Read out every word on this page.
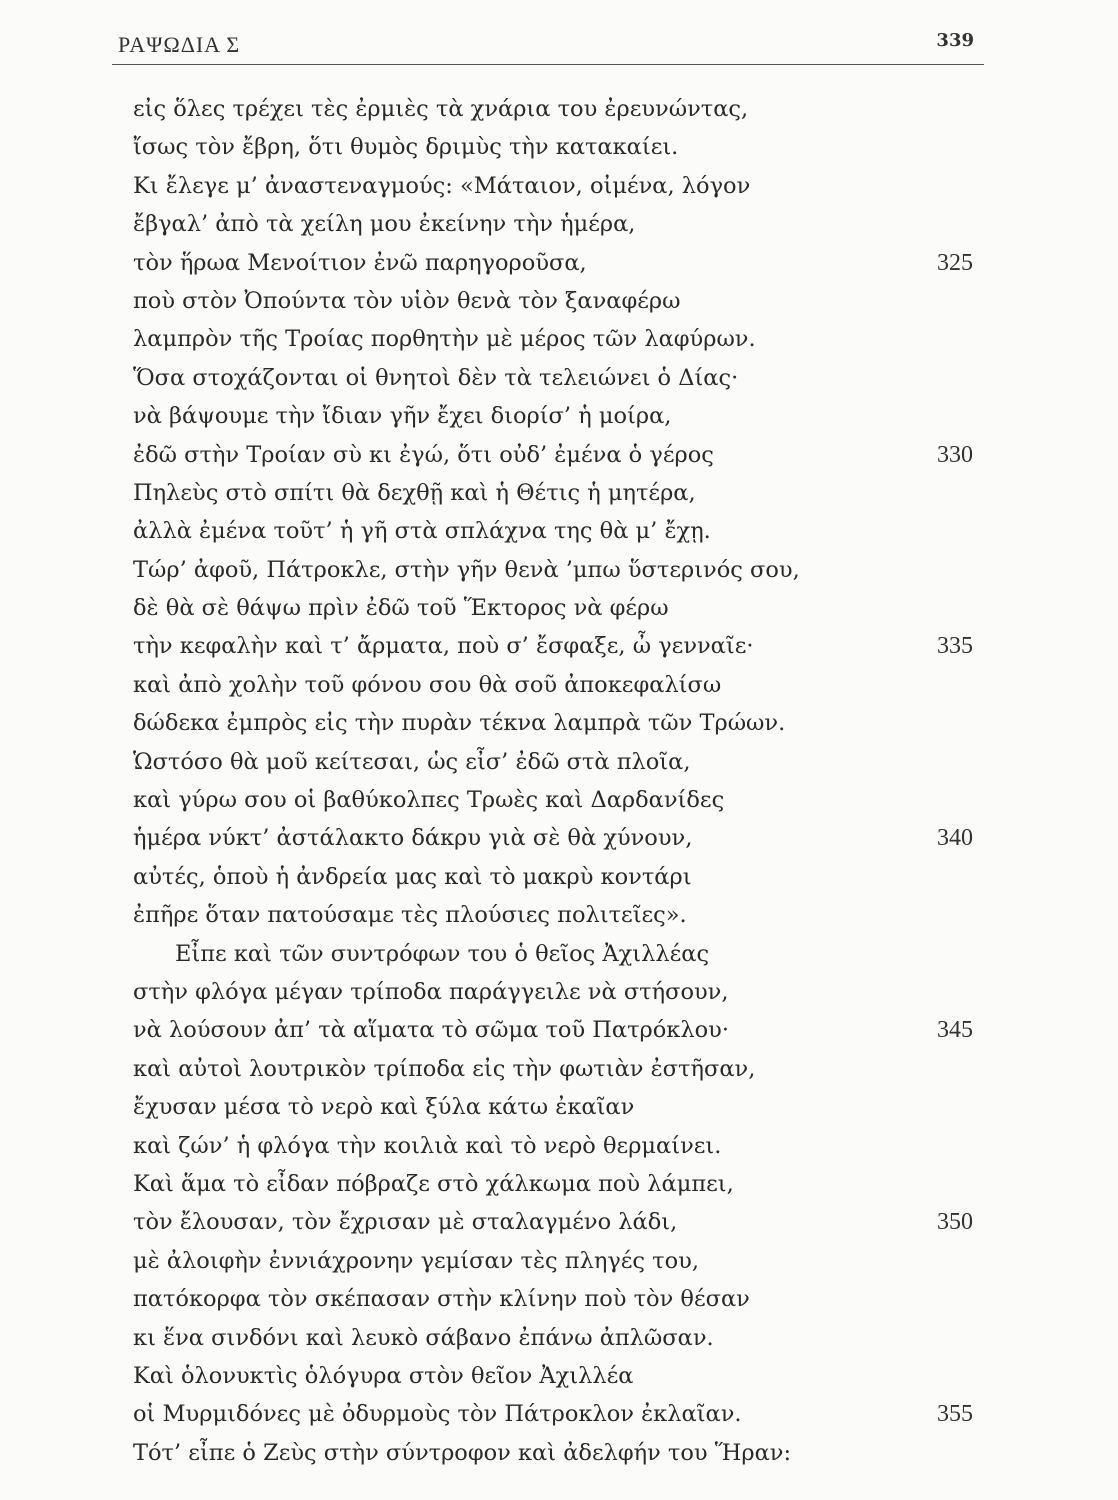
ΡΑΨΩΔΙΑ Σ	339
εἰς ὅλες τρέχει τὲς ἐρμιὲς τὰ χνάρια του ἐρευνώντας,
ἴσως τὸν ἔβρη, ὅτι θυμὸς δριμὺς τὴν κατακαίει.
Κι ἔλεγε μ’ ἀναστεναγμούς: «Μάταιον, οἰμένα, λόγον
ἔβγαλ’ ἀπὸ τὰ χείλη μου ἐκείνην τὴν ἡμέρα,
τὸν ἥρωα Μενοίτιον ἐνῶ παρηγοροῦσα,	325
ποὺ στὸν Ὀπούντα τὸν υἱὸν θενὰ τὸν ξαναφέρω
λαμπρὸν τῆς Τροίας πορθητὴν μὲ μέρος τῶν λαφύρων.
Ὅσα στοχάζονται οἱ θνητοὶ δὲν τὰ τελειώνει ὁ Δίας·
νὰ βάψουμε τὴν ἴδιαν γῆν ἔχει διορίσ’ ἡ μοίρα,
ἐδῶ στὴν Τροίαν σὺ κι ἐγώ, ὅτι οὐδ’ ἐμένα ὁ γέρος	330
Πηλεὺς στὸ σπίτι θὰ δεχθῇ καὶ ἡ Θέτις ἡ μητέρα,
ἀλλὰ ἐμένα τοῦτ’ ἡ γῆ στὰ σπλάχνα της θὰ μ’ ἔχῃ.
Τώρ’ ἀφοῦ, Πάτροκλε, στὴν γῆν θενὰ ’μπω ὕστερινός σου,
δὲ θὰ σὲ θάψω πρὶν ἐδῶ τοῦ Ἕκτορος νὰ φέρω
τὴν κεφαλὴν καὶ τ’ ἄρματα, ποὺ σ’ ἔσφαξε, ὦ γενναῖε·	335
καὶ ἀπὸ χολὴν τοῦ φόνου σου θὰ σοῦ ἀποκεφαλίσω
δώδεκα ἐμπρὸς εἰς τὴν πυρὰν τέκνα λαμπρὰ τῶν Τρώων.
Ὡστόσο θὰ μοῦ κείτεσαι, ὡς εἶσ’ ἐδῶ στὰ πλοῖα,
καὶ γύρω σου οἱ βαθύκολπες Τρωὲς καὶ Δαρδανίδες
ἡμέρα νύκτ’ ἀστάλακτο δάκρυ γιὰ σὲ θὰ χύνουν,	340
αὐτές, ὁποὺ ἡ ἀνδρεία μας καὶ τὸ μακρὺ κοντάρι
ἐπῆρε ὅταν πατούσαμε τὲς πλούσιες πολιτεῖες».
Εἶπε καὶ τῶν συντρόφων του ὁ θεῖος Ἀχιλλέας
στὴν φλόγα μέγαν τρίποδα παράγγειλε νὰ στήσουν,
νὰ λούσουν ἀπ’ τὰ αἵματα τὸ σῶμα τοῦ Πατρόκλου·	345
καὶ αὐτοὶ λουτρικὸν τρίποδα εἰς τὴν φωτιὰν ἐστῆσαν,
ἔχυσαν μέσα τὸ νερὸ καὶ ξύλα κάτω ἐκαῖαν
καὶ ζών’ ἡ φλόγα τὴν κοιλιὰ καὶ τὸ νερὸ θερμαίνει.
Καὶ ἅμα τὸ εἶδαν πόβραζε στὸ χάλκωμα ποὺ λάμπει,
τὸν ἔλουσαν, τὸν ἔχρισαν μὲ σταλαγμένο λάδι,	350
μὲ ἀλοιφὴν ἐννιάχρονην γεμίσαν τὲς πληγές του,
πατόκορφα τὸν σκέπασαν στὴν κλίνην ποὺ τὸν θέσαν
κι ἕνα σινδόνι καὶ λευκὸ σάβανο ἐπάνω ἀπλῶσαν.
Καὶ ὁλονυκτὶς ὁλόγυρα στὸν θεῖον Ἀχιλλέα
οἱ Μυρμιδόνες μὲ ὀδυρμοὺς τὸν Πάτροκλον ἐκλαῖαν.	355
Τότ’ εἶπε ὁ Ζεὺς στὴν σύντροφον καὶ ἀδελφήν του Ἥραν:
